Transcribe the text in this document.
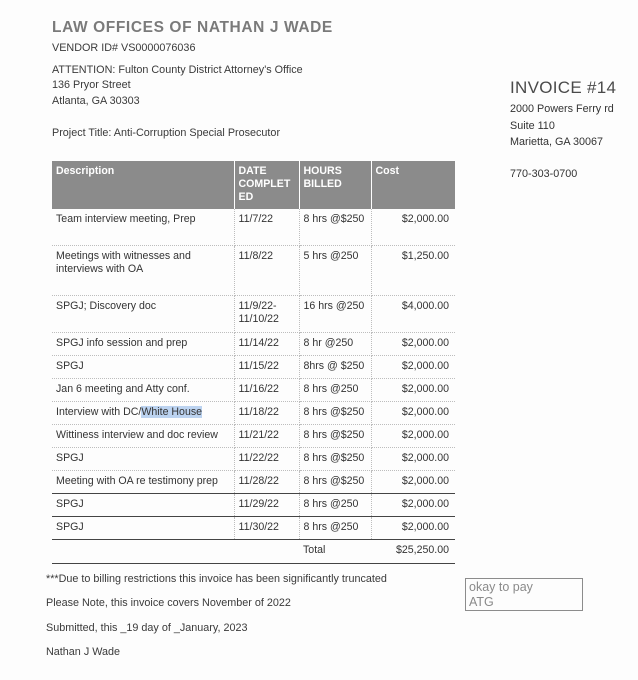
LAW OFFICES OF NATHAN J WADE
VENDOR ID# VS0000076036
ATTENTION: Fulton County District Attorney's Office
136 Pryor Street
Atlanta, GA 30303
Project Title: Anti-Corruption Special Prosecutor
INVOICE #14
2000 Powers Ferry rd
Suite 110
Marietta, GA 30067
770-303-0700
Description	DATE COMPLET ED	HOURS BILLED	Cost
Team interview meeting, Prep	11/7/22	8 hrs @$250	$2,000.00
Meetings with witnesses and interviews with OA	11/8/22	5 hrs @250	$1,250.00
SPGJ; Discovery doc	11/9/22- 11/10/22	16 hrs @250	$4,000.00
SPGJ info session and prep	11/14/22	8 hr @250	$2,000.00
SPGJ	11/15/22	8hrs @ $250	$2,000.00
Jan 6 meeting and Atty conf.	11/16/22	8 hrs @250	$2,000.00
Interview with DC/White House	11/18/22	8 hrs @$250	$2,000.00
Wittiness interview and doc review	11/21/22	8 hrs @$250	$2,000.00
SPGJ	11/22/22	8 hrs @$250	$2,000.00
Meeting with OA re testimony prep	11/28/22	8 hrs @$250	$2,000.00
SPGJ	11/29/22	8 hrs @250	$2,000.00
SPGJ	11/30/22	8 hrs @250	$2,000.00
		Total	$25,250.00
***Due to billing restrictions this invoice has been significantly truncated
Please Note, this invoice covers November of 2022
Submitted, this _19 day of _January, 2023
Nathan J Wade
okay to pay
ATG
